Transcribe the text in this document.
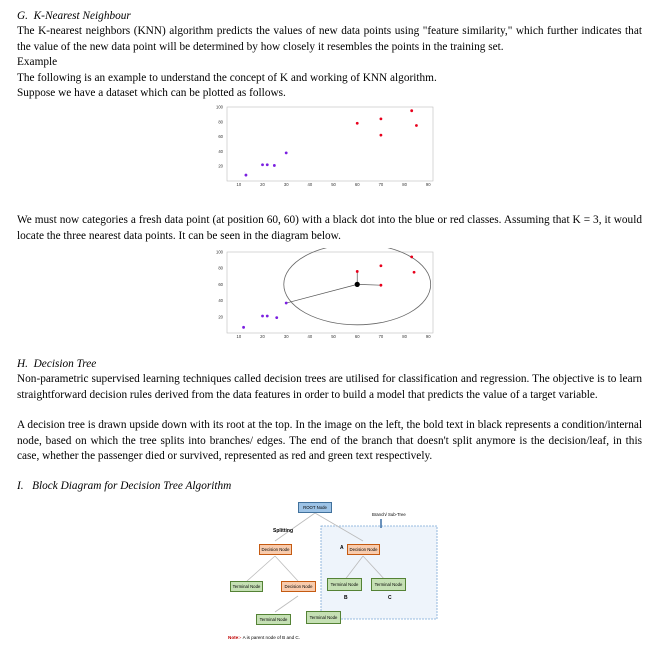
G. K-Nearest Neighbour

The K-nearest neighbors (KNN) algorithm predicts the values of new data points using "feature similarity," which further indicates that the value of the new data point will be determined by how closely it resembles the points in the training set.

Example

The following is an example to understand the concept of K and working of KNN algorithm.

Suppose we have a dataset which can be plotted as follows.

100
80
60
40
20
10	20	30	40	50	60	70	80	90

We must now categories a fresh data point (at position 60, 60) with a black dot into the blue or red classes. Assuming that K = 3, it would locate the three nearest data points. It can be seen in the diagram below.

100
80
60
40
20
10	20	30	40	50	60	70	80	90

H. Decision Tree

Non-parametric supervised learning techniques called decision trees are utilised for classification and regression. The objective is to learn straightforward decision rules derived from the data features in order to build a model that predicts the value of a target variable.

A decision tree is drawn upside down with its root at the top. In the image on the left, the bold text in black represents a condition/internal node, based on which the tree splits into branches/ edges. The end of the branch that doesn't split anymore is the decision/leaf, in this case, whether the passenger died or survived, represented as red and green text respectively.

I. Block Diagram for Decision Tree Algorithm

ROOT Node
Branch/ Sub-Tree
Splitting
Decision Node	A	Decision Node
Terminal Node	Decision Node	Terminal Node	Terminal Node
B	C
Terminal Node	Terminal Node
Note:- A is parent node of B and C.
